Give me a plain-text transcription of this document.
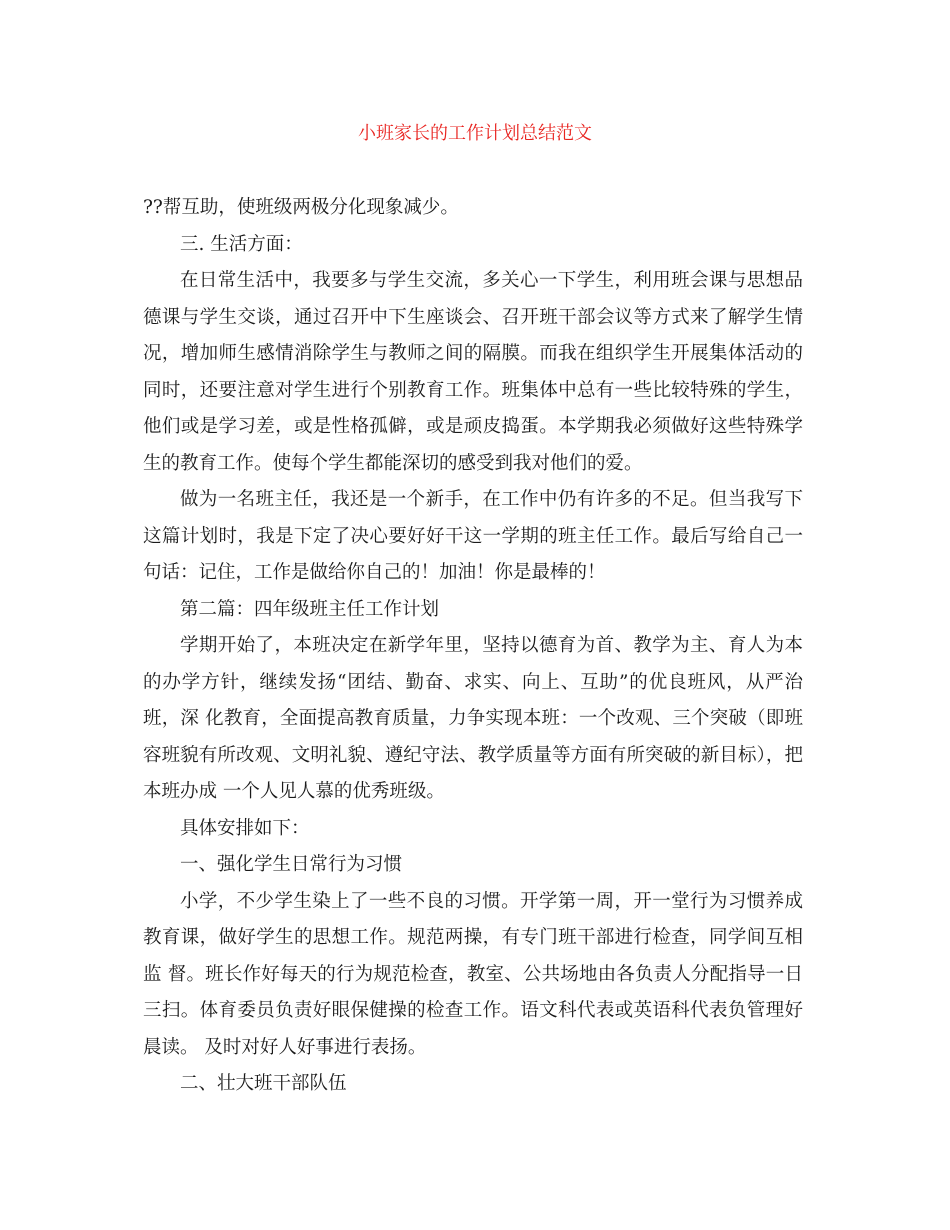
小班家长的工作计划总结范文

??帮互助，使班级两极分化现象减少。

三. 生活方面：

在日常生活中，我要多与学生交流，多关心一下学生，利用班会课与思想品德课与学生交谈，通过召开中下生座谈会、召开班干部会议等方式来了解学生情况，增加师生感情消除学生与教师之间的隔膜。而我在组织学生开展集体活动的同时，还要注意对学生进行个别教育工作。班集体中总有一些比较特殊的学生，他们或是学习差，或是性格孤僻，或是顽皮捣蛋。本学期我必须做好这些特殊学生的教育工作。使每个学生都能深切的感受到我对他们的爱。

做为一名班主任，我还是一个新手，在工作中仍有许多的不足。但当我写下这篇计划时，我是下定了决心要好好干这一学期的班主任工作。最后写给自己一句话：记住，工作是做给你自己的！加油！你是最棒的！

第二篇：四年级班主任工作计划

学期开始了，本班决定在新学年里，坚持以德育为首、教学为主、育人为本的办学方针，继续发扬“团结、勤奋、求实、向上、互助”的优良班风，从严治班，深 化教育，全面提高教育质量，力争实现本班：一个改观、三个突破（即班容班貌有所改观、文明礼貌、遵纪守法、教学质量等方面有所突破的新目标），把本班办成 一个人见人慕的优秀班级。

具体安排如下：

一、强化学生日常行为习惯

小学，不少学生染上了一些不良的习惯。开学第一周，开一堂行为习惯养成教育课，做好学生的思想工作。规范两操，有专门班干部进行检查，同学间互相监 督。班长作好每天的行为规范检查，教室、公共场地由各负责人分配指导一日三扫。体育委员负责好眼保健操的检查工作。语文科代表或英语科代表负管理好晨读。 及时对好人好事进行表扬。

二、壮大班干部队伍
